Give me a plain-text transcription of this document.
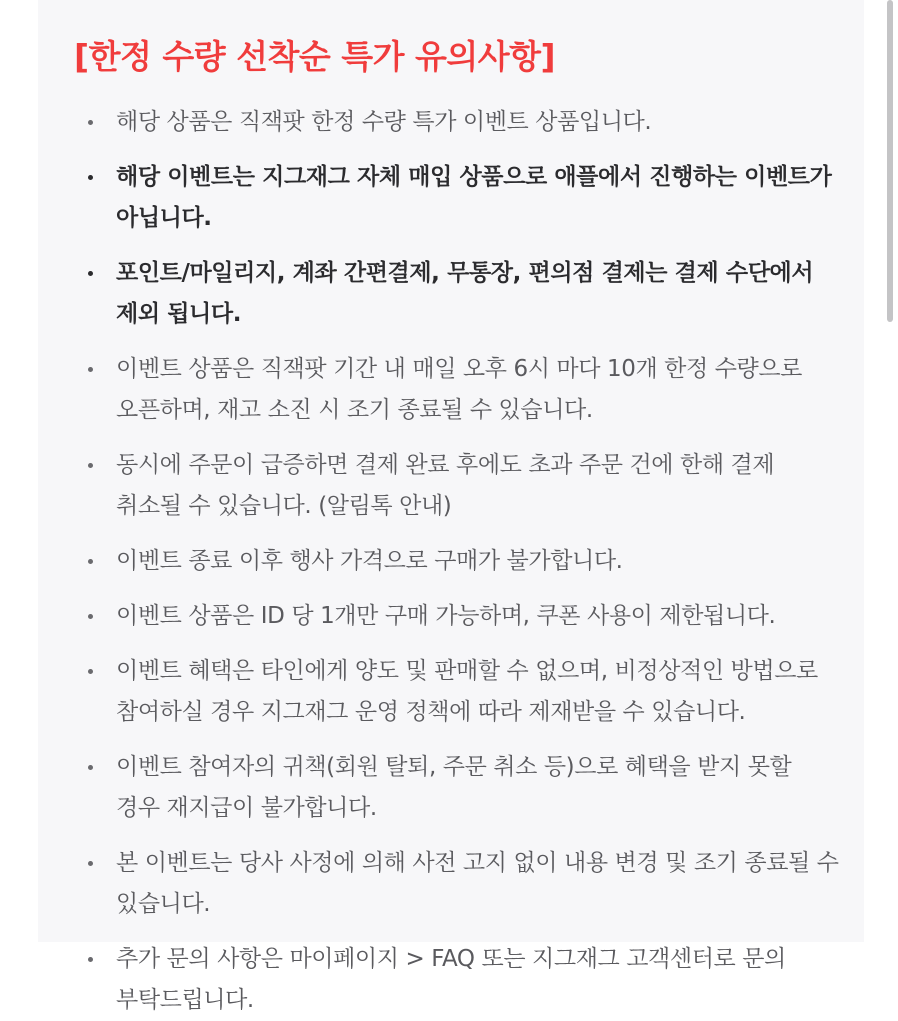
[한정 수량 선착순 특가 유의사항]
해당 상품은 직잭팟 한정 수량 특가 이벤트 상품입니다.
해당 이벤트는 지그재그 자체 매입 상품으로 애플에서 진행하는 이벤트가 아닙니다.
포인트/마일리지, 계좌 간편결제, 무통장, 편의점 결제는 결제 수단에서 제외 됩니다.
이벤트 상품은 직잭팟 기간 내 매일 오후 6시 마다 10개 한정 수량으로 오픈하며, 재고 소진 시 조기 종료될 수 있습니다.
동시에 주문이 급증하면 결제 완료 후에도 초과 주문 건에 한해 결제 취소될 수 있습니다. (알림톡 안내)
이벤트 종료 이후 행사 가격으로 구매가 불가합니다.
이벤트 상품은 ID 당 1개만 구매 가능하며, 쿠폰 사용이 제한됩니다.
이벤트 혜택은 타인에게 양도 및 판매할 수 없으며, 비정상적인 방법으로 참여하실 경우 지그재그 운영 정책에 따라 제재받을 수 있습니다.
이벤트 참여자의 귀책(회원 탈퇴, 주문 취소 등)으로 혜택을 받지 못할 경우 재지급이 불가합니다.
본 이벤트는 당사 사정에 의해 사전 고지 없이 내용 변경 및 조기 종료될 수 있습니다.
추가 문의 사항은 마이페이지 > FAQ 또는 지그재그 고객센터로 문의 부탁드립니다.
